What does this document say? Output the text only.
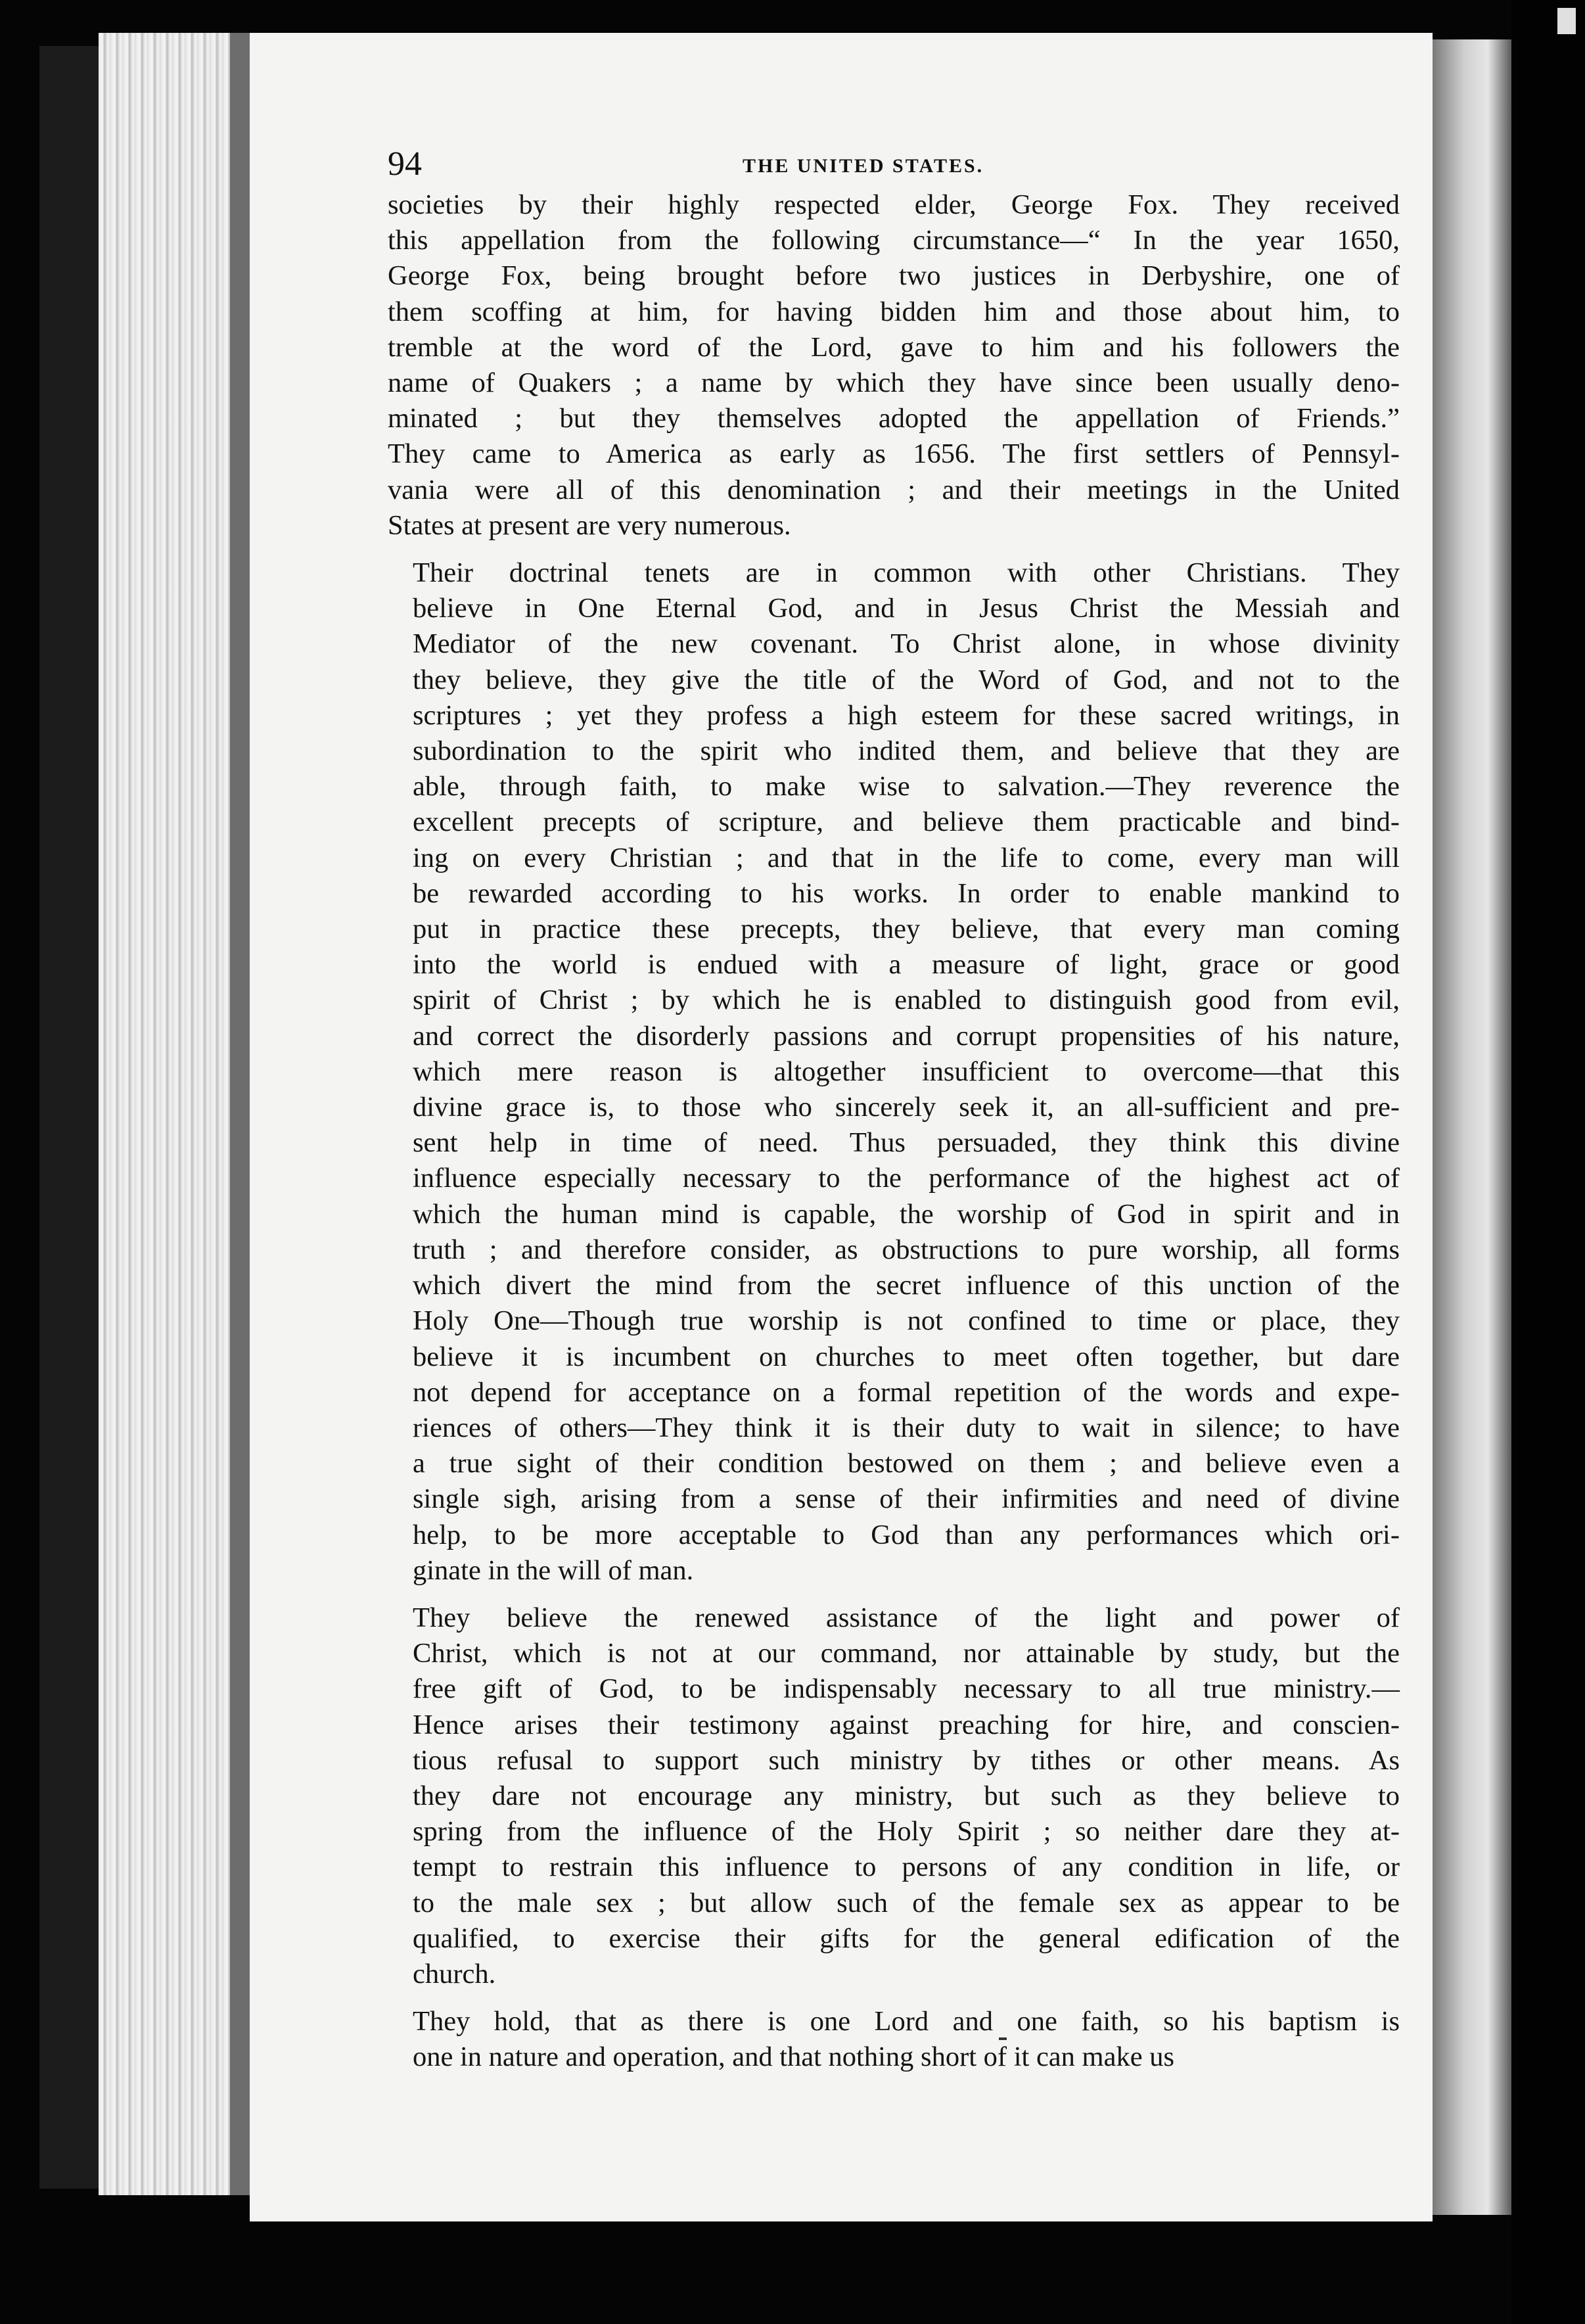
94	THE UNITED STATES.

societies by their highly respected elder, George Fox. They received
this appellation from the following circumstance—“ In the year 1650,
George Fox, being brought before two justices in Derbyshire, one of
them scoffing at him, for having bidden him and those about him, to
tremble at the word of the Lord, gave to him and his followers the
name of Quakers ; a name by which they have since been usually deno-
minated ; but they themselves adopted the appellation of Friends.”
They came to America as early as 1656. The first settlers of Pennsyl-
vania were all of this denomination ; and their meetings in the United
States at present are very numerous.

Their doctrinal tenets are in common with other Christians. They
believe in One Eternal God, and in Jesus Christ the Messiah and
Mediator of the new covenant. To Christ alone, in whose divinity
they believe, they give the title of the Word of God, and not to the
scriptures ; yet they profess a high esteem for these sacred writings, in
subordination to the spirit who indited them, and believe that they are
able, through faith, to make wise to salvation.—They reverence the
excellent precepts of scripture, and believe them practicable and bind-
ing on every Christian ; and that in the life to come, every man will
be rewarded according to his works. In order to enable mankind to
put in practice these precepts, they believe, that every man coming
into the world is endued with a measure of light, grace or good
spirit of Christ ; by which he is enabled to distinguish good from evil,
and correct the disorderly passions and corrupt propensities of his nature,
which mere reason is altogether insufficient to overcome—that this
divine grace is, to those who sincerely seek it, an all-sufficient and pre-
sent help in time of need. Thus persuaded, they think this divine
influence especially necessary to the performance of the highest act of
which the human mind is capable, the worship of God in spirit and in
truth ; and therefore consider, as obstructions to pure worship, all forms
which divert the mind from the secret influence of this unction of the
Holy One—Though true worship is not confined to time or place, they
believe it is incumbent on churches to meet often together, but dare
not depend for acceptance on a formal repetition of the words and expe-
riences of others—They think it is their duty to wait in silence; to have
a true sight of their condition bestowed on them ; and believe even a
single sigh, arising from a sense of their infirmities and need of divine
help, to be more acceptable to God than any performances which ori-
ginate in the will of man.

They believe the renewed assistance of the light and power of
Christ, which is not at our command, nor attainable by study, but the
free gift of God, to be indispensably necessary to all true ministry.—
Hence arises their testimony against preaching for hire, and conscien-
tious refusal to support such ministry by tithes or other means. As
they dare not encourage any ministry, but such as they believe to
spring from the influence of the Holy Spirit ; so neither dare they at-
tempt to restrain this influence to persons of any condition in life, or
to the male sex ; but allow such of the female sex as appear to be
qualified, to exercise their gifts for the general edification of the
church.

They hold, that as there is one Lord and one faith, so his baptism is
one in nature and operation, and that nothing short of it can make us
